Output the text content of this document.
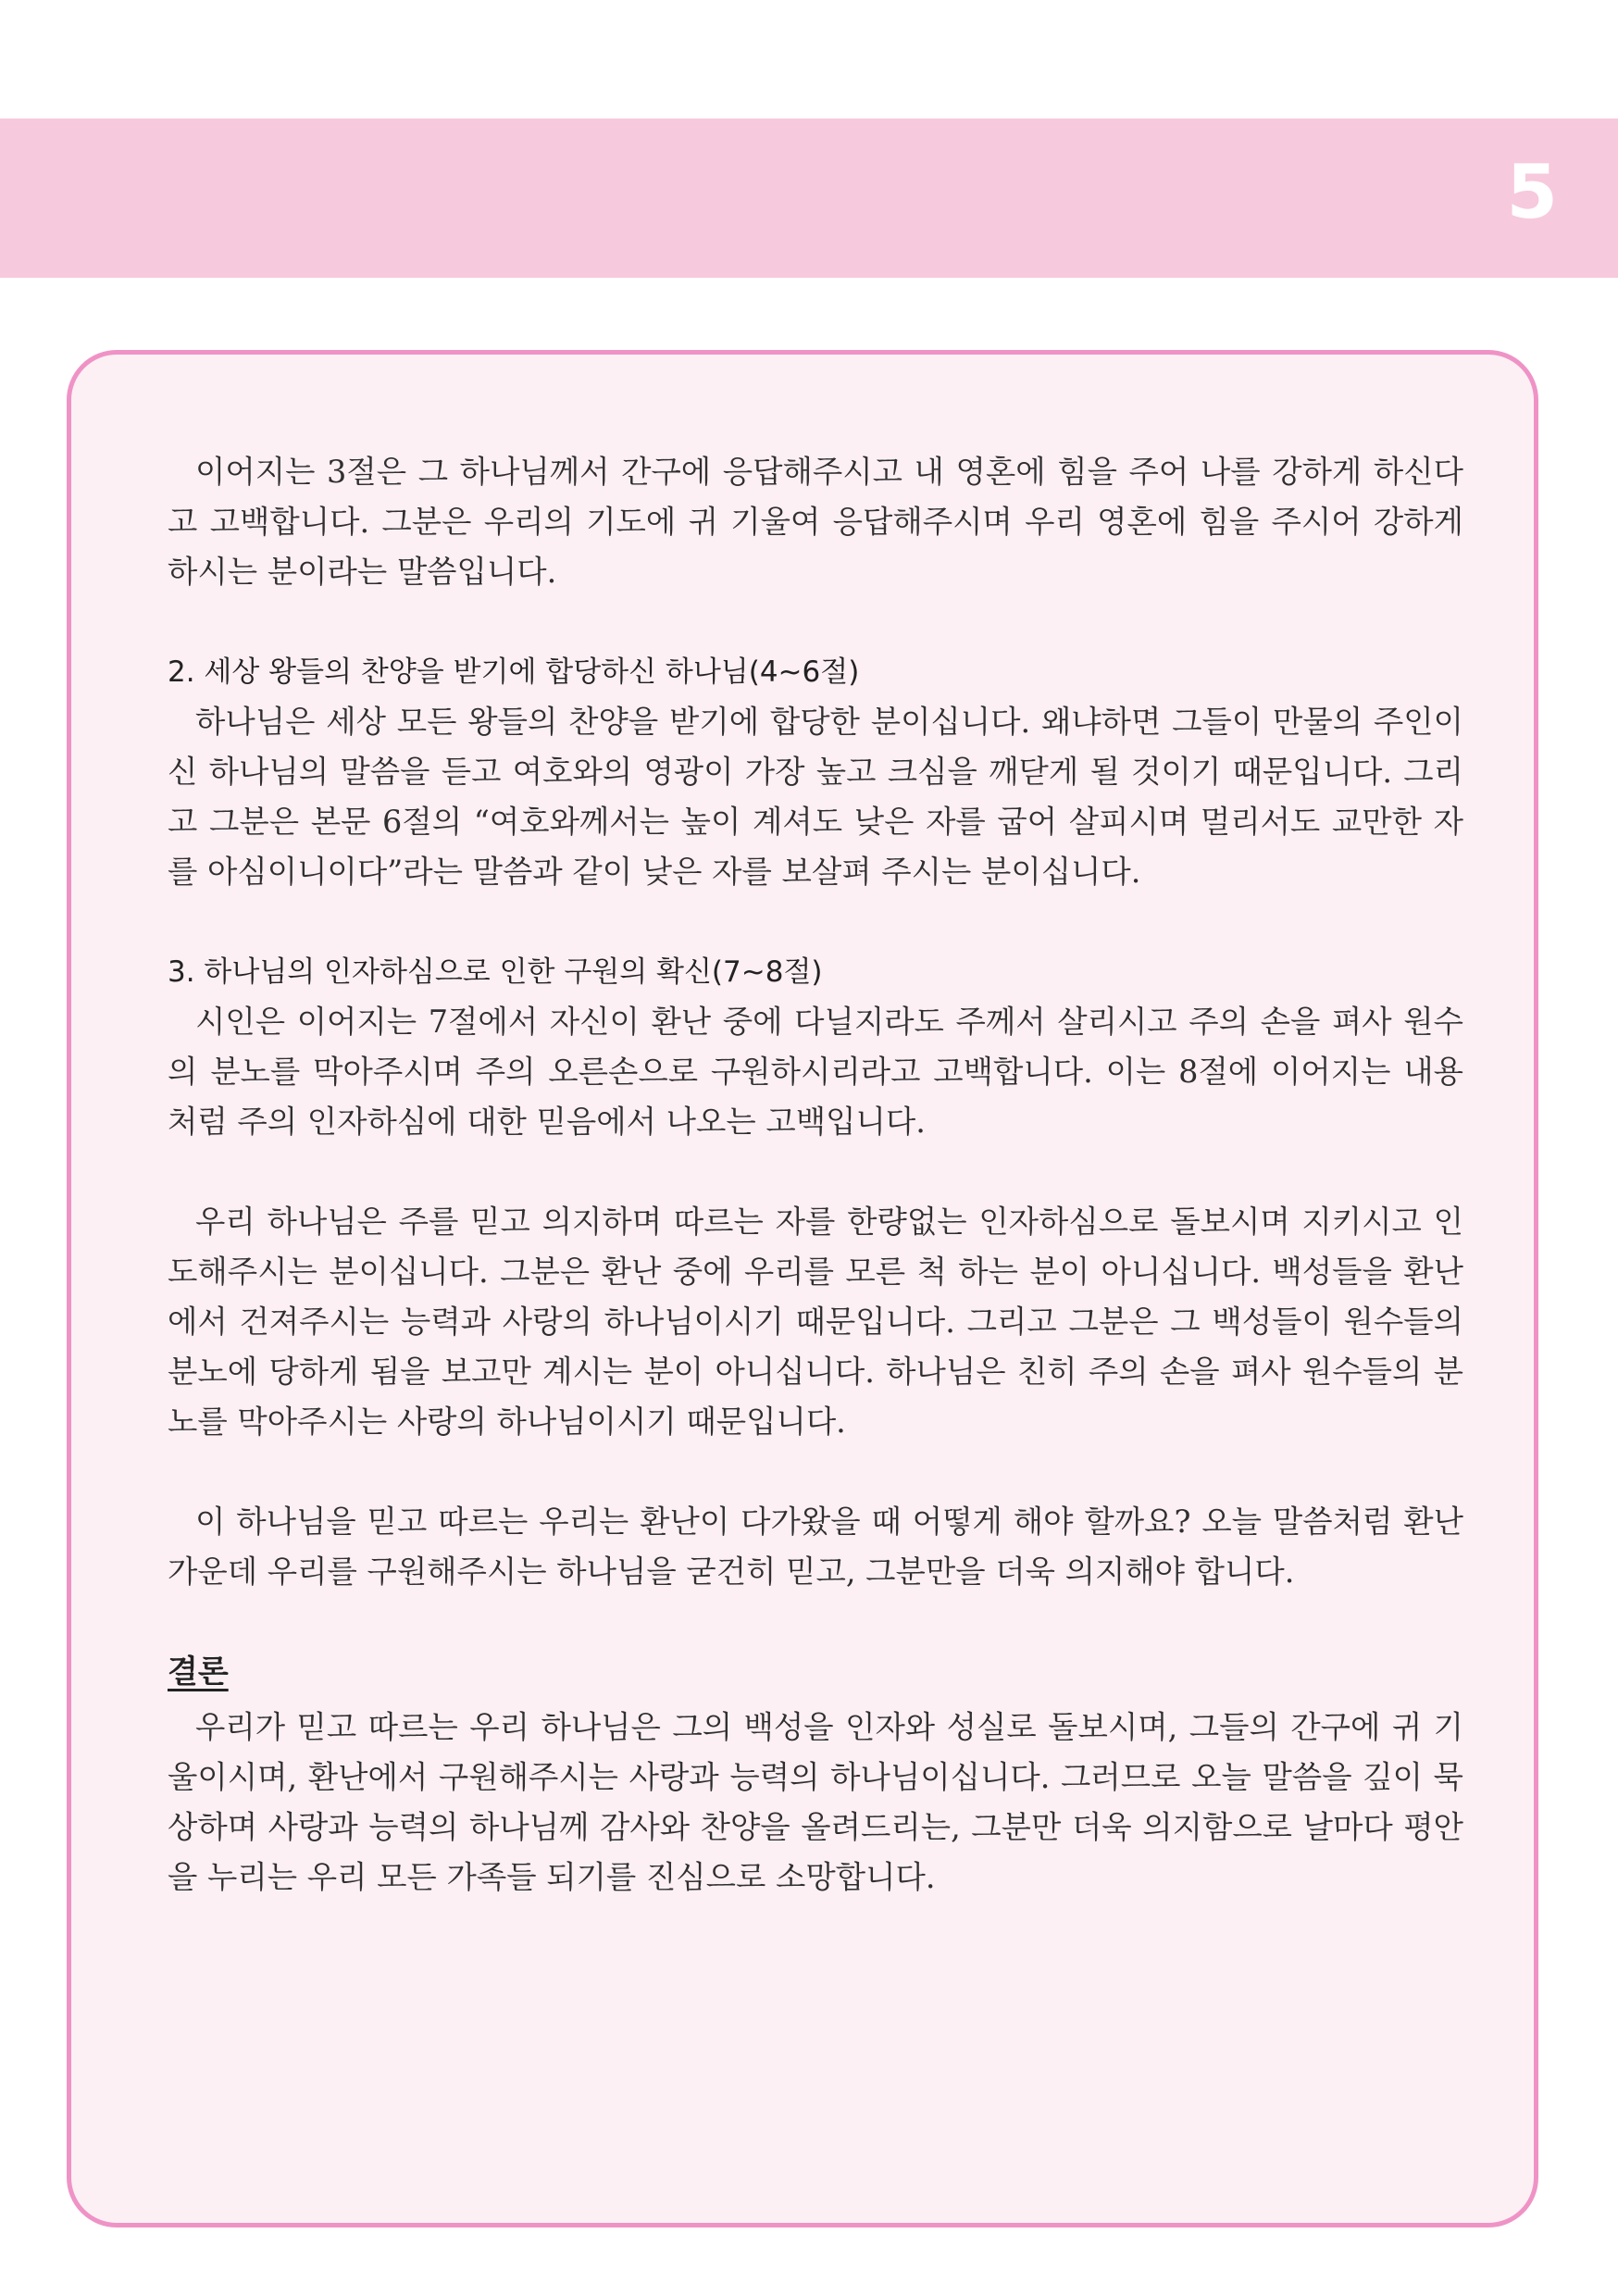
5

이어지는 3절은 그 하나님께서 간구에 응답해주시고 내 영혼에 힘을 주어 나를 강하게 하신다고 고백합니다. 그분은 우리의 기도에 귀 기울여 응답해주시며 우리 영혼에 힘을 주시어 강하게 하시는 분이라는 말씀입니다.

2. 세상 왕들의 찬양을 받기에 합당하신 하나님(4~6절)

하나님은 세상 모든 왕들의 찬양을 받기에 합당한 분이십니다. 왜냐하면 그들이 만물의 주인이신 하나님의 말씀을 듣고 여호와의 영광이 가장 높고 크심을 깨닫게 될 것이기 때문입니다. 그리고 그분은 본문 6절의 “여호와께서는 높이 계셔도 낮은 자를 굽어 살피시며 멀리서도 교만한 자를 아심이니이다”라는 말씀과 같이 낮은 자를 보살펴 주시는 분이십니다.

3. 하나님의 인자하심으로 인한 구원의 확신(7~8절)

시인은 이어지는 7절에서 자신이 환난 중에 다닐지라도 주께서 살리시고 주의 손을 펴사 원수의 분노를 막아주시며 주의 오른손으로 구원하시리라고 고백합니다. 이는 8절에 이어지는 내용처럼 주의 인자하심에 대한 믿음에서 나오는 고백입니다.

우리 하나님은 주를 믿고 의지하며 따르는 자를 한량없는 인자하심으로 돌보시며 지키시고 인도해주시는 분이십니다. 그분은 환난 중에 우리를 모른 척 하는 분이 아니십니다. 백성들을 환난에서 건져주시는 능력과 사랑의 하나님이시기 때문입니다. 그리고 그분은 그 백성들이 원수들의 분노에 당하게 됨을 보고만 계시는 분이 아니십니다. 하나님은 친히 주의 손을 펴사 원수들의 분노를 막아주시는 사랑의 하나님이시기 때문입니다.

이 하나님을 믿고 따르는 우리는 환난이 다가왔을 때 어떻게 해야 할까요? 오늘 말씀처럼 환난 가운데 우리를 구원해주시는 하나님을 굳건히 믿고, 그분만을 더욱 의지해야 합니다.

결론

우리가 믿고 따르는 우리 하나님은 그의 백성을 인자와 성실로 돌보시며, 그들의 간구에 귀 기울이시며, 환난에서 구원해주시는 사랑과 능력의 하나님이십니다. 그러므로 오늘 말씀을 깊이 묵상하며 사랑과 능력의 하나님께 감사와 찬양을 올려드리는, 그분만 더욱 의지함으로 날마다 평안을 누리는 우리 모든 가족들 되기를 진심으로 소망합니다.
